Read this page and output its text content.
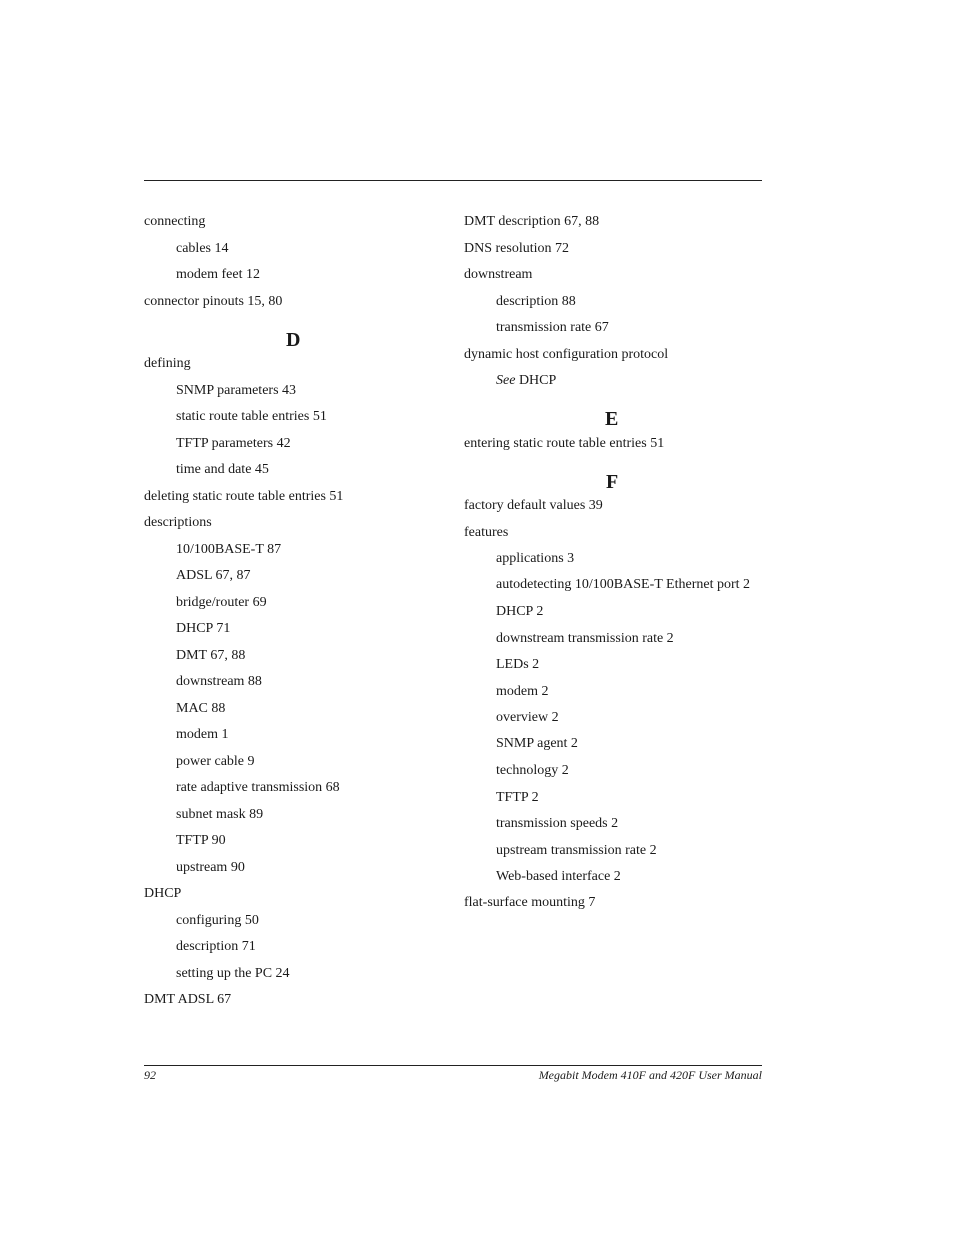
connecting
cables 14
modem feet 12
connector pinouts 15, 80
D
defining
SNMP parameters 43
static route table entries 51
TFTP parameters 42
time and date 45
deleting static route table entries 51
descriptions
10/100BASE-T 87
ADSL 67, 87
bridge/router 69
DHCP 71
DMT 67, 88
downstream 88
MAC 88
modem 1
power cable 9
rate adaptive transmission 68
subnet mask 89
TFTP 90
upstream 90
DHCP
configuring 50
description 71
setting up the PC 24
DMT ADSL 67
DMT description 67, 88
DNS resolution 72
downstream
description 88
transmission rate 67
dynamic host configuration protocol
See DHCP
E
entering static route table entries 51
F
factory default values 39
features
applications 3
autodetecting 10/100BASE-T Ethernet port 2
DHCP 2
downstream transmission rate 2
LEDs 2
modem 2
overview 2
SNMP agent 2
technology 2
TFTP 2
transmission speeds 2
upstream transmission rate 2
Web-based interface 2
flat-surface mounting 7
92	Megabit Modem 410F and 420F User Manual
